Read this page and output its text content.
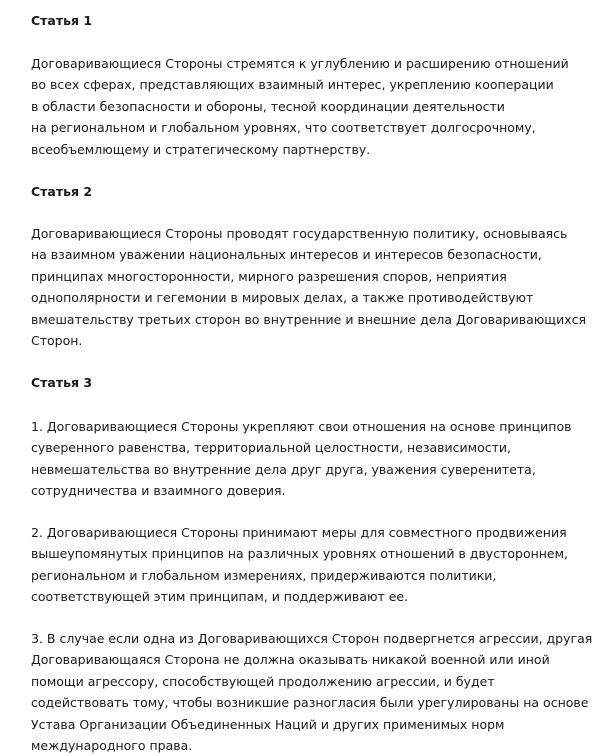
Статья 1

Договаривающиеся Стороны стремятся к углублению и расширению отношений

во всех сферах, представляющих взаимный интерес, укреплению кооперации

в области безопасности и обороны, тесной координации деятельности

на региональном и глобальном уровнях, что соответствует долгосрочному,

всеобъемлющему и стратегическому партнерству.

Статья 2

Договаривающиеся Стороны проводят государственную политику, основываясь

на взаимном уважении национальных интересов и интересов безопасности,

принципах многосторонности, мирного разрешения споров, неприятия

однополярности и гегемонии в мировых делах, а также противодействуют

вмешательству третьих сторон во внутренние и внешние дела Договаривающихся

Сторон.

Статья 3

1. Договаривающиеся Стороны укрепляют свои отношения на основе принципов

суверенного равенства, территориальной целостности, независимости,

невмешательства во внутренние дела друг друга, уважения суверенитета,

сотрудничества и взаимного доверия.

2. Договаривающиеся Стороны принимают меры для совместного продвижения

вышеупомянутых принципов на различных уровнях отношений в двустороннем,

региональном и глобальном измерениях, придерживаются политики,

соответствующей этим принципам, и поддерживают ее.

3. В случае если одна из Договаривающихся Сторон подвергнется агрессии, другая

Договаривающаяся Сторона не должна оказывать никакой военной или иной

помощи агрессору, способствующей продолжению агрессии, и будет

содействовать тому, чтобы возникшие разногласия были урегулированы на основе

Устава Организации Объединенных Наций и других применимых норм

международного права.
